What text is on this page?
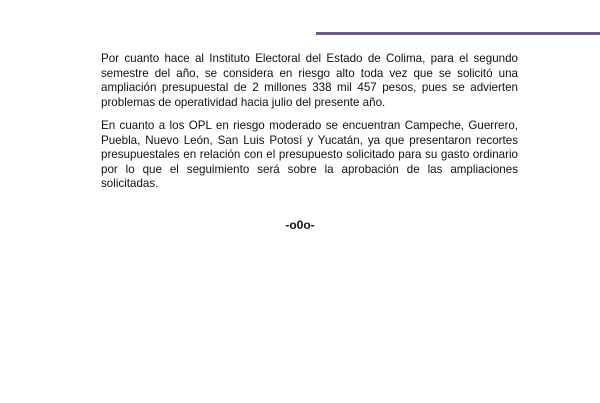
Por cuanto hace al Instituto Electoral del Estado de Colima, para el segundo semestre del año, se considera en riesgo alto toda vez que se solicitó una ampliación presupuestal de 2 millones 338 mil 457 pesos, pues se advierten problemas de operatividad hacia julio del presente año.

En cuanto a los OPL en riesgo moderado se encuentran Campeche, Guerrero, Puebla, Nuevo León, San Luis Potosí y Yucatán, ya que presentaron recortes presupuestales en relación con el presupuesto solicitado para su gasto ordinario por lo que el seguimiento será sobre la aprobación de las ampliaciones solicitadas.

-o0o-
